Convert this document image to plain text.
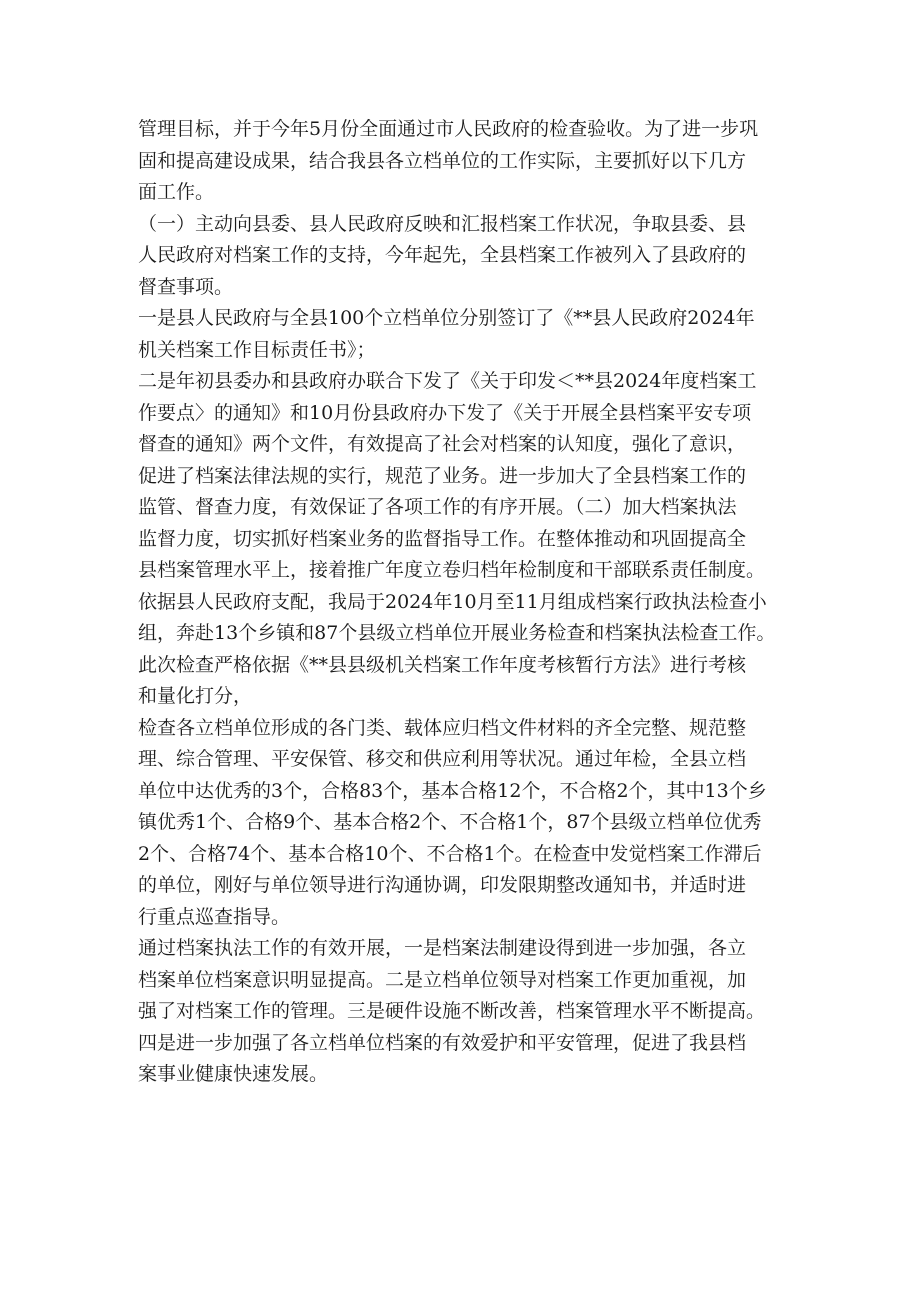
管理目标，并于今年5月份全面通过市人民政府的检查验收。为了进一步巩
固和提高建设成果，结合我县各立档单位的工作实际，主要抓好以下几方
面工作。
（一）主动向县委、县人民政府反映和汇报档案工作状况，争取县委、县
人民政府对档案工作的支持，今年起先，全县档案工作被列入了县政府的
督查事项。
一是县人民政府与全县100个立档单位分别签订了《**县人民政府2024年
机关档案工作目标责任书》；
二是年初县委办和县政府办联合下发了《关于印发＜**县2024年度档案工
作要点〉的通知》和10月份县政府办下发了《关于开展全县档案平安专项
督查的通知》两个文件，有效提高了社会对档案的认知度，强化了意识，
促进了档案法律法规的实行，规范了业务。进一步加大了全县档案工作的
监管、督查力度，有效保证了各项工作的有序开展。（二）加大档案执法
监督力度，切实抓好档案业务的监督指导工作。在整体推动和巩固提高全
县档案管理水平上，接着推广年度立卷归档年检制度和干部联系责任制度。
依据县人民政府支配，我局于2024年10月至11月组成档案行政执法检查小
组，奔赴13个乡镇和87个县级立档单位开展业务检查和档案执法检查工作。
此次检查严格依据《**县县级机关档案工作年度考核暂行方法》进行考核
和量化打分，
检查各立档单位形成的各门类、载体应归档文件材料的齐全完整、规范整
理、综合管理、平安保管、移交和供应利用等状况。通过年检，全县立档
单位中达优秀的3个，合格83个，基本合格12个，不合格2个，其中13个乡
镇优秀1个、合格9个、基本合格2个、不合格1个，87个县级立档单位优秀
2个、合格74个、基本合格10个、不合格1个。在检查中发觉档案工作滞后
的单位，刚好与单位领导进行沟通协调，印发限期整改通知书，并适时进
行重点巡查指导。
通过档案执法工作的有效开展，一是档案法制建设得到进一步加强，各立
档案单位档案意识明显提高。二是立档单位领导对档案工作更加重视，加
强了对档案工作的管理。三是硬件设施不断改善，档案管理水平不断提高。
四是进一步加强了各立档单位档案的有效爱护和平安管理，促进了我县档
案事业健康快速发展。
